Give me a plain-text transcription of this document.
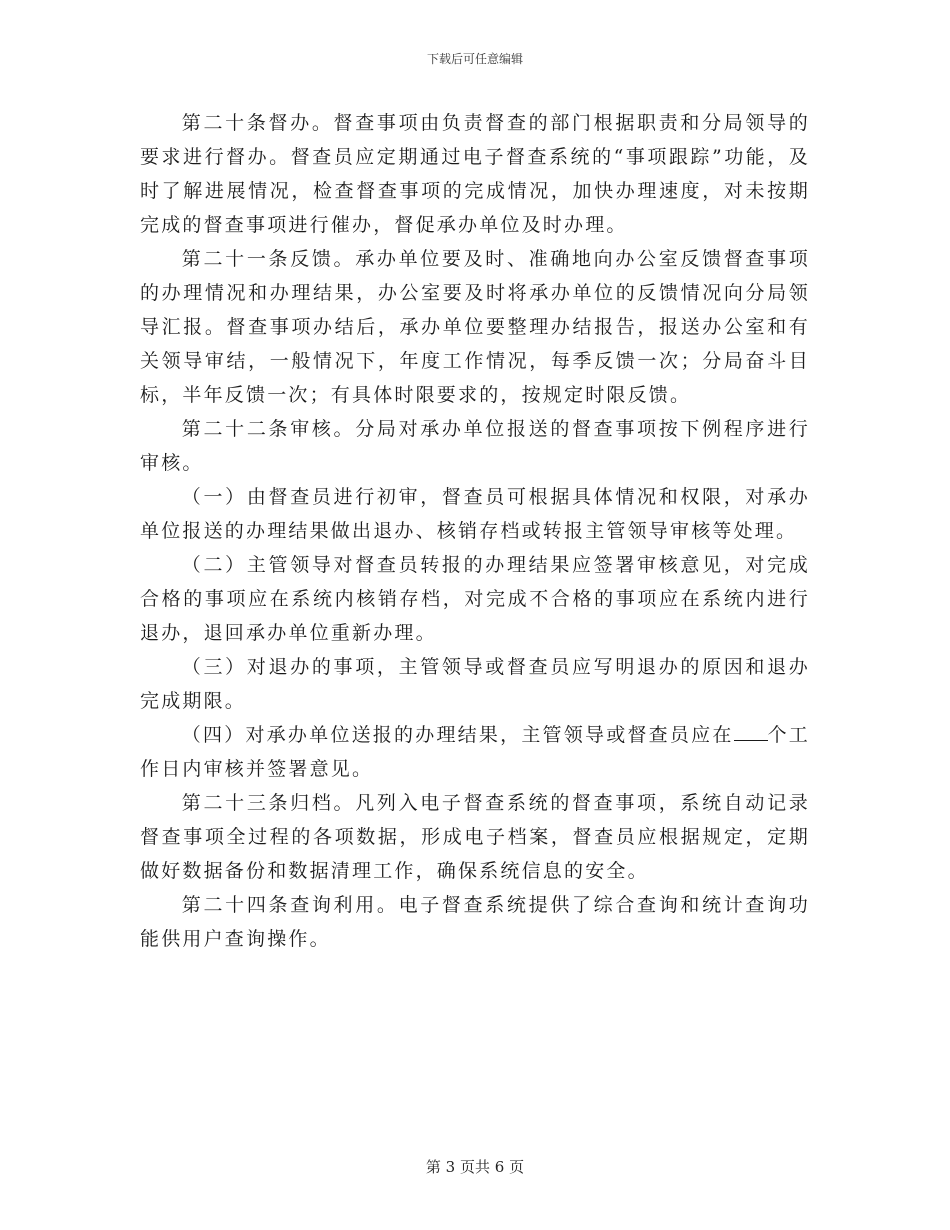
下载后可任意编辑

第二十条督办。督查事项由负责督查的部门根据职责和分局领导的要求进行督办。督查员应定期通过电子督查系统的“事项跟踪”功能，及时了解进展情况，检查督查事项的完成情况，加快办理速度，对未按期完成的督查事项进行催办，督促承办单位及时办理。

第二十一条反馈。承办单位要及时、准确地向办公室反馈督查事项的办理情况和办理结果，办公室要及时将承办单位的反馈情况向分局领导汇报。督查事项办结后，承办单位要整理办结报告，报送办公室和有关领导审结，一般情况下，年度工作情况，每季反馈一次；分局奋斗目标，半年反馈一次；有具体时限要求的，按规定时限反馈。

第二十二条审核。分局对承办单位报送的督查事项按下例程序进行审核。

（一）由督查员进行初审，督查员可根据具体情况和权限，对承办单位报送的办理结果做出退办、核销存档或转报主管领导审核等处理。

（二）主管领导对督查员转报的办理结果应签署审核意见，对完成合格的事项应在系统内核销存档，对完成不合格的事项应在系统内进行退办，退回承办单位重新办理。

（三）对退办的事项，主管领导或督查员应写明退办的原因和退办完成期限。

（四）对承办单位送报的办理结果，主管领导或督查员应在 个工作日内审核并签署意见。

第二十三条归档。凡列入电子督查系统的督查事项，系统自动记录督查事项全过程的各项数据，形成电子档案，督查员应根据规定，定期做好数据备份和数据清理工作，确保系统信息的安全。

第二十四条查询利用。电子督查系统提供了综合查询和统计查询功能供用户查询操作。

第 3 页共 6 页
